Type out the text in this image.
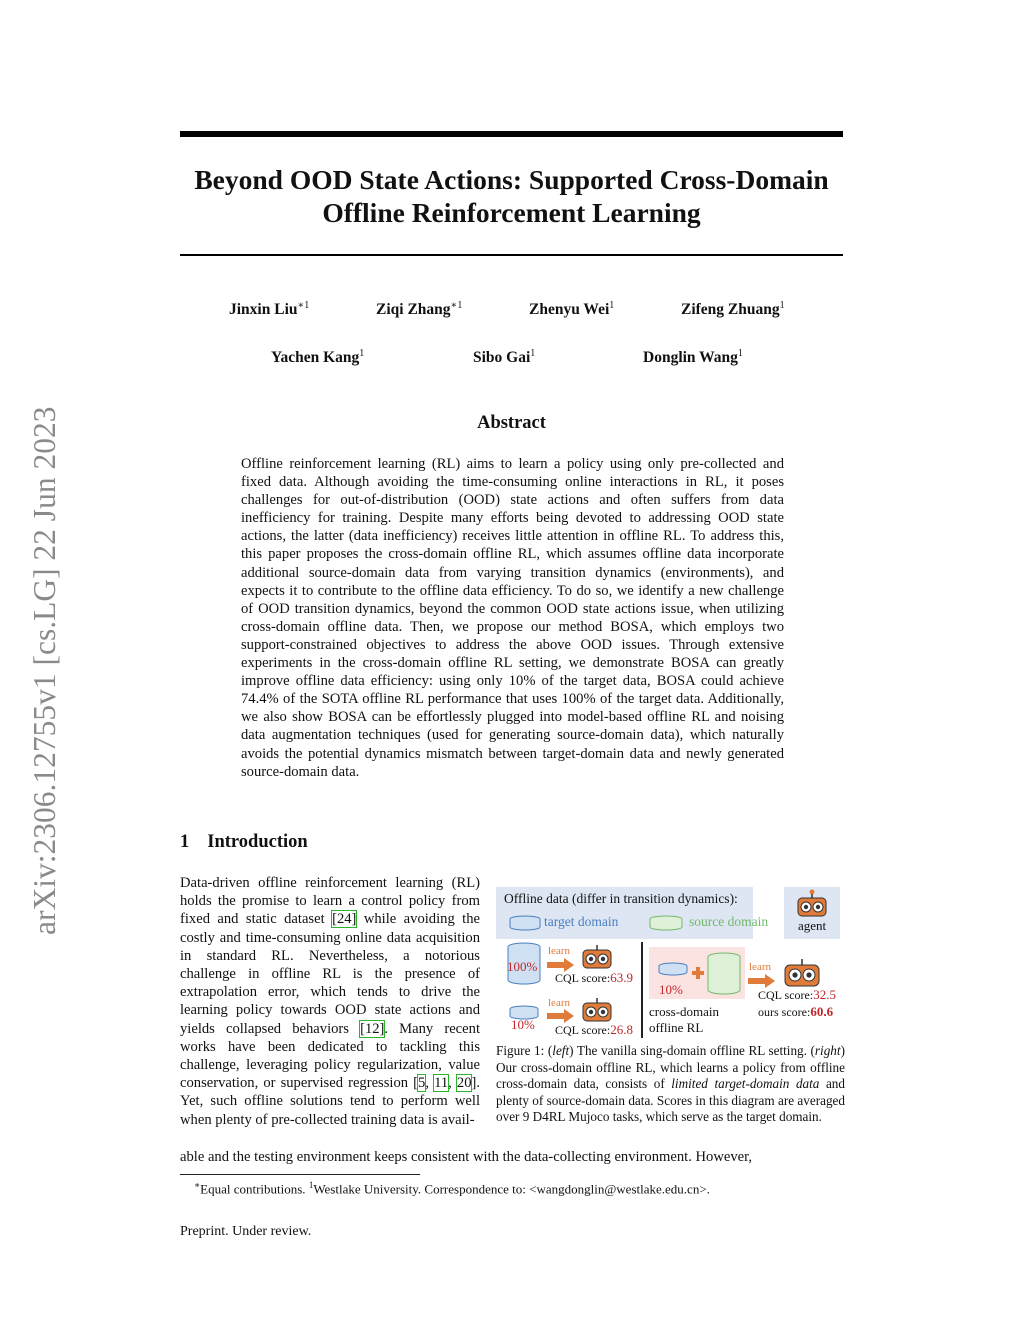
arXiv:2306.12755v1 [cs.LG] 22 Jun 2023
Beyond OOD State Actions: Supported Cross-Domain
Offline Reinforcement Learning
Jinxin Liu$^{∗1}$	Ziqi Zhang$^{∗1}$	Zhenyu Wei$^1$	Zifeng Zhuang$^1$
Yachen Kang$^1$	Sibo Gai$^1$	Donglin Wang$^1$
Abstract
Offline reinforcement learning (RL) aims to learn a policy using only pre-collected and fixed data. Although avoiding the time-consuming online interactions in RL, it poses challenges for out-of-distribution (OOD) state actions and often suffers from data inefficiency for training. Despite many efforts being devoted to addressing OOD state actions, the latter (data inefficiency) receives little attention in offline RL. To address this, this paper proposes the cross-domain offline RL, which assumes offline data incorporate additional source-domain data from varying transition dynamics (environments), and expects it to contribute to the offline data efficiency. To do so, we identify a new challenge of OOD transition dynamics, beyond the common OOD state actions issue, when utilizing cross-domain offline data. Then, we propose our method BOSA, which employs two support-constrained objectives to address the above OOD issues. Through extensive experiments in the cross-domain offline RL setting, we demonstrate BOSA can greatly improve offline data efficiency: using only 10% of the target data, BOSA could achieve 74.4% of the SOTA offline RL performance that uses 100% of the target data. Additionally, we also show BOSA can be effortlessly plugged into model-based offline RL and noising data augmentation techniques (used for generating source-domain data), which naturally avoids the potential dynamics mismatch between target-domain data and newly generated source-domain data.
1 Introduction
Data-driven offline reinforcement learning (RL) holds the promise to learn a control policy from fixed and static dataset [24] while avoiding the costly and time-consuming online data acquisition in standard RL. Nevertheless, a notorious challenge in offline RL is the presence of extrapolation error, which tends to drive the learning policy towards OOD state actions and yields collapsed behaviors [12]. Many recent works have been dedicated to tackling this challenge, leveraging policy regularization, value conservation, or supervised regression [5, 11, 20]. Yet, such offline solutions tend to perform well when plenty of pre-collected training data is avail-
able and the testing environment keeps consistent with the data-collecting environment. However,
Offline data (differ in transition dynamics):
target domain	source domain agent
100%
learn
CQL score:63.9
10%
learn
CQL score:26.8
10%
cross-domain
offline RL
learn
CQL score:32.5
ours score:60.6
Figure 1: (left) The vanilla sing-domain offline RL setting. (right) Our cross-domain offline RL, which learns a policy from offline cross-domain data, consists of limited target-domain data and plenty of source-domain data. Scores in this diagram are averaged over 9 D4RL Mujoco tasks, which serve as the target domain.
∗Equal contributions. $^1$Westlake University. Correspondence to: <wangdonglin@westlake.edu.cn>.
Preprint. Under review.
